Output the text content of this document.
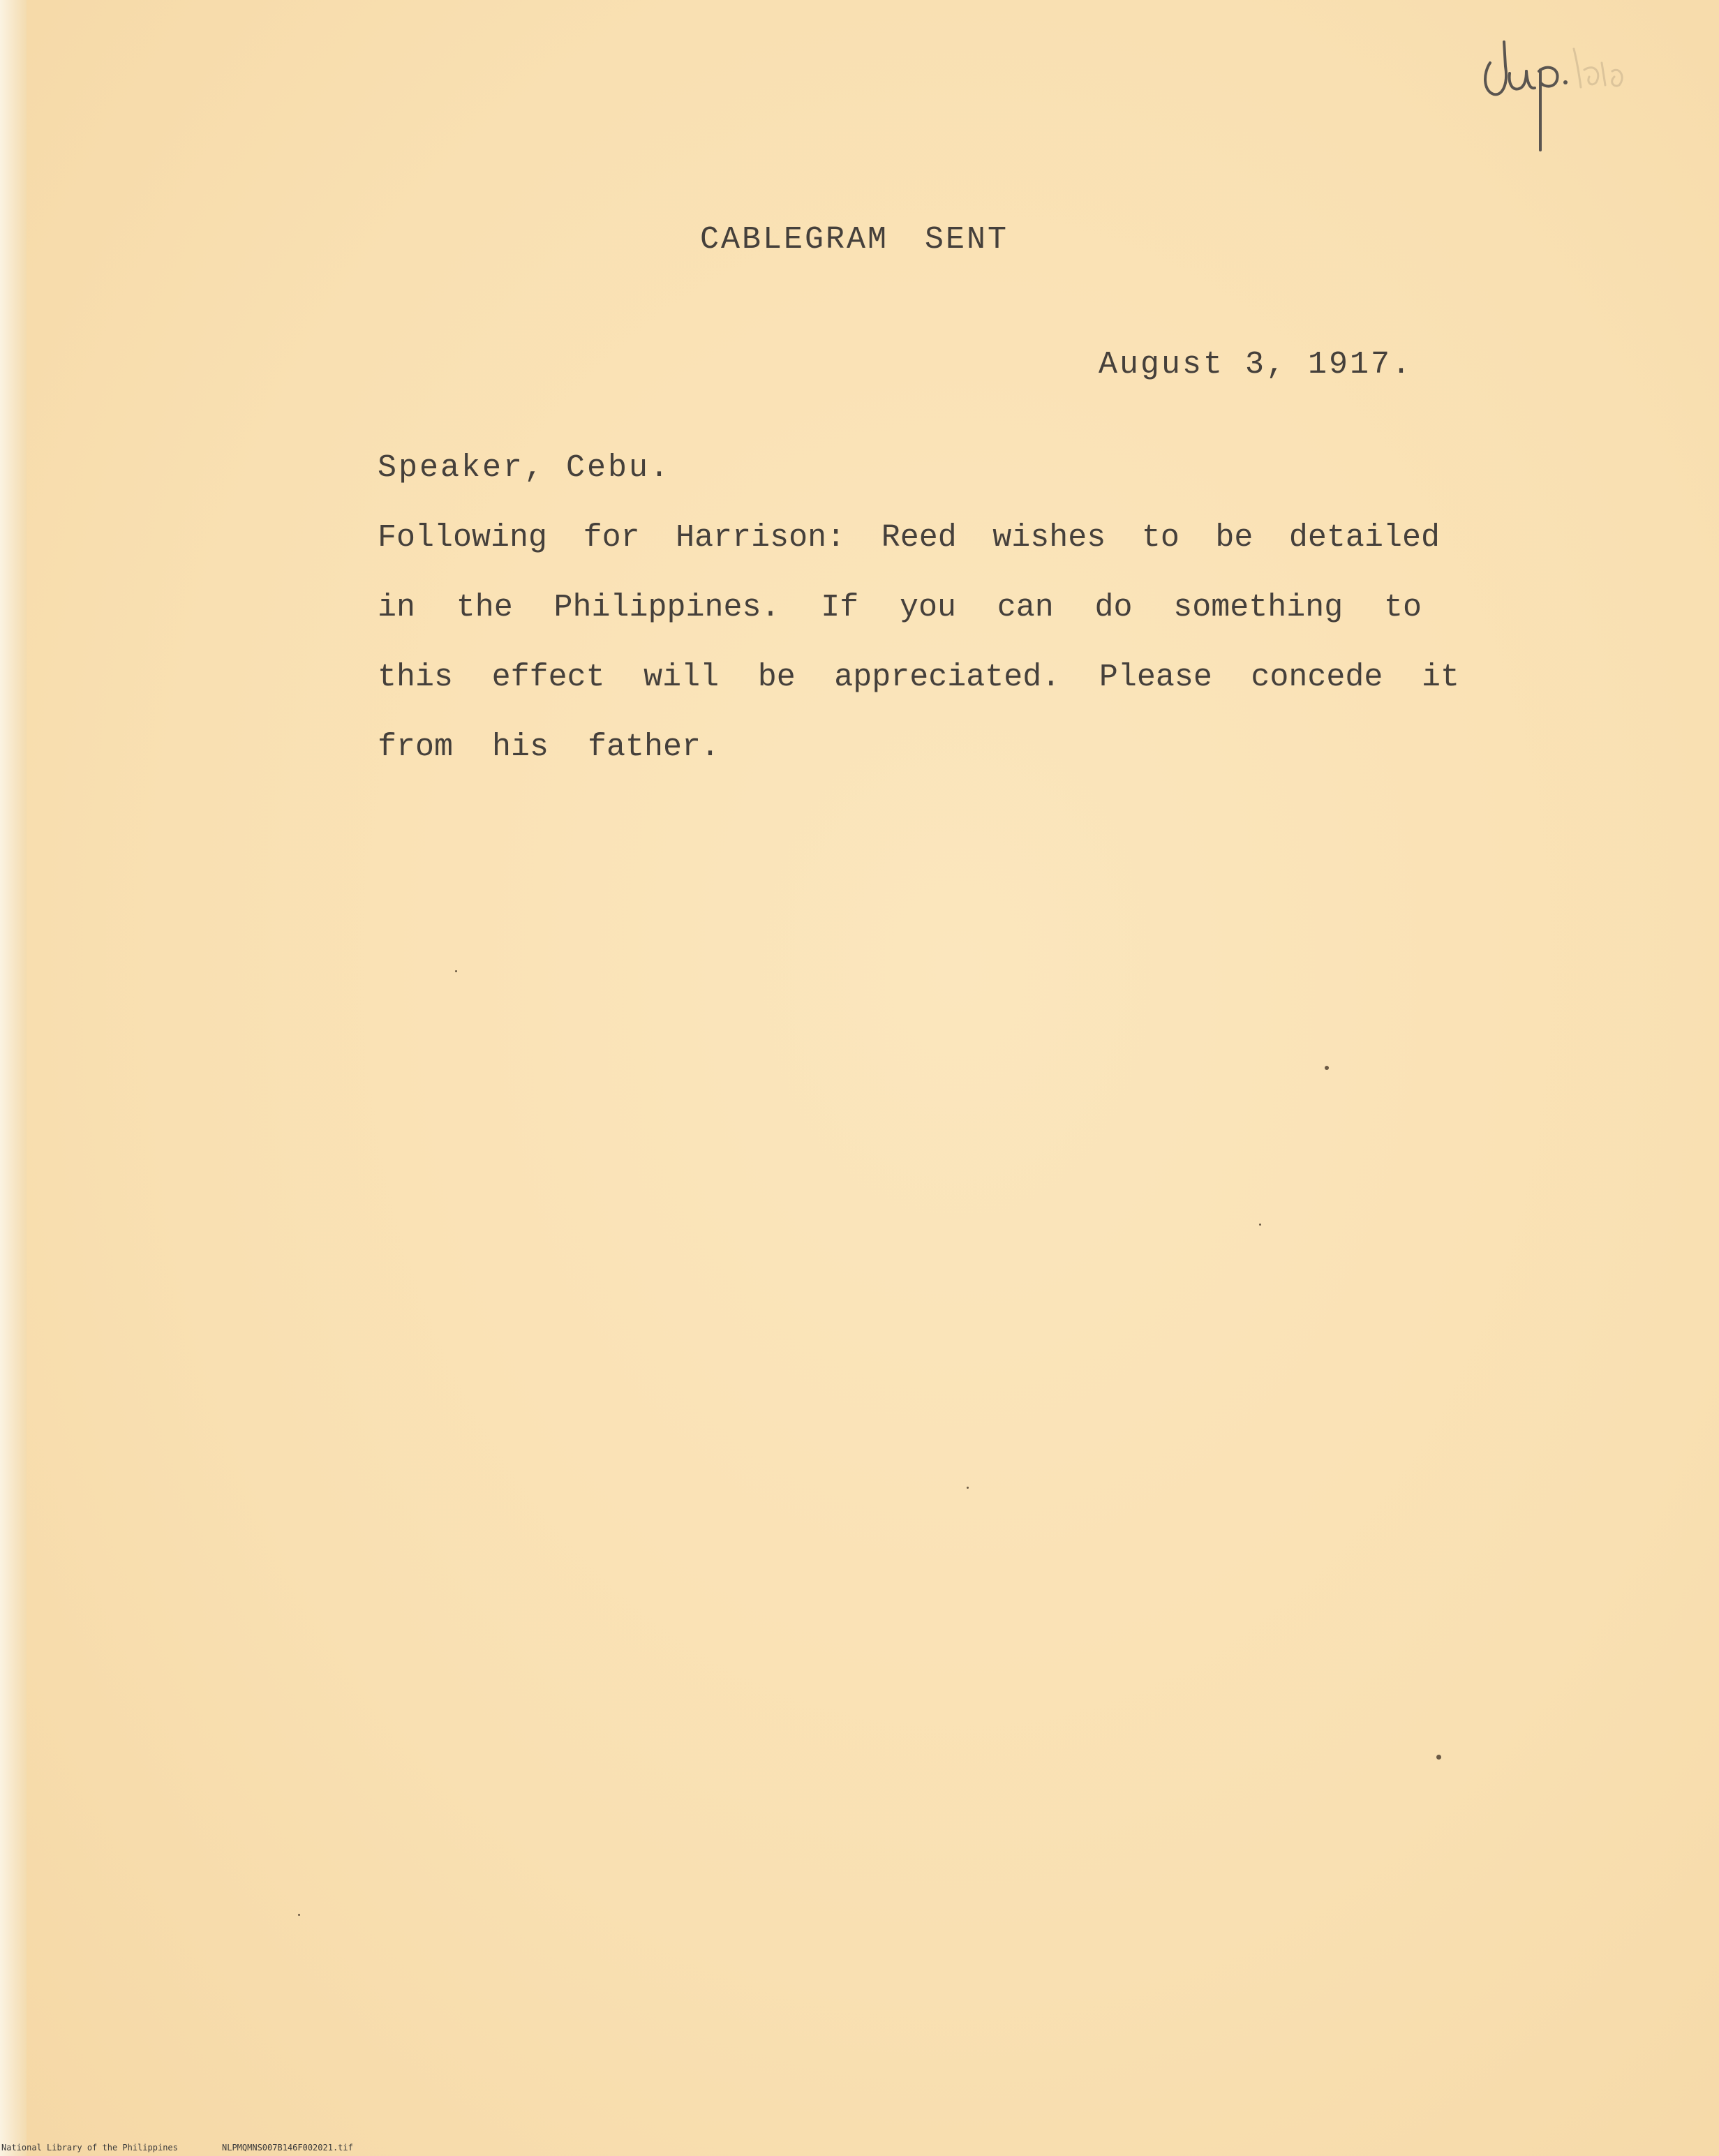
CABLEGRAM SENT
August 3, 1917.
Speaker, Cebu.
Following for Harrison: Reed wishes to be detailed
in the Philippines. If you can do something to
this effect will be appreciated. Please concede it
from his father.
National Library of the Philippines	NLPMQMNS007B146F002021.tif
